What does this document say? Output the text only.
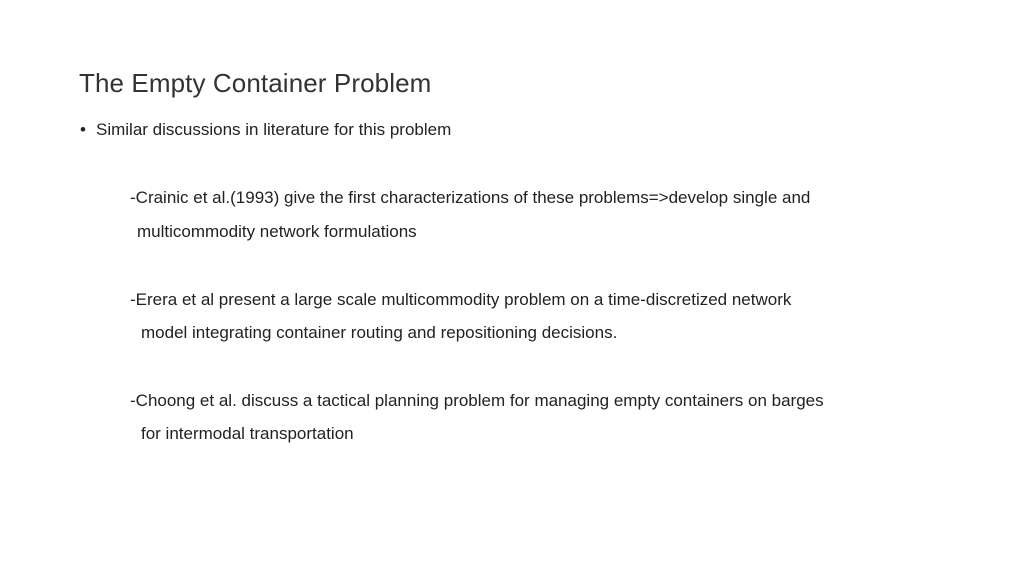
The Empty Container Problem
• Similar discussions in literature for this problem
-Crainic et al.(1993) give the first characterizations of these problems=>develop single and
multicommodity network formulations
-Erera et al present a large scale multicommodity problem on a time-discretized network
model integrating container routing and repositioning decisions.
-Choong et al. discuss a tactical planning problem for managing empty containers on barges
for intermodal transportation
